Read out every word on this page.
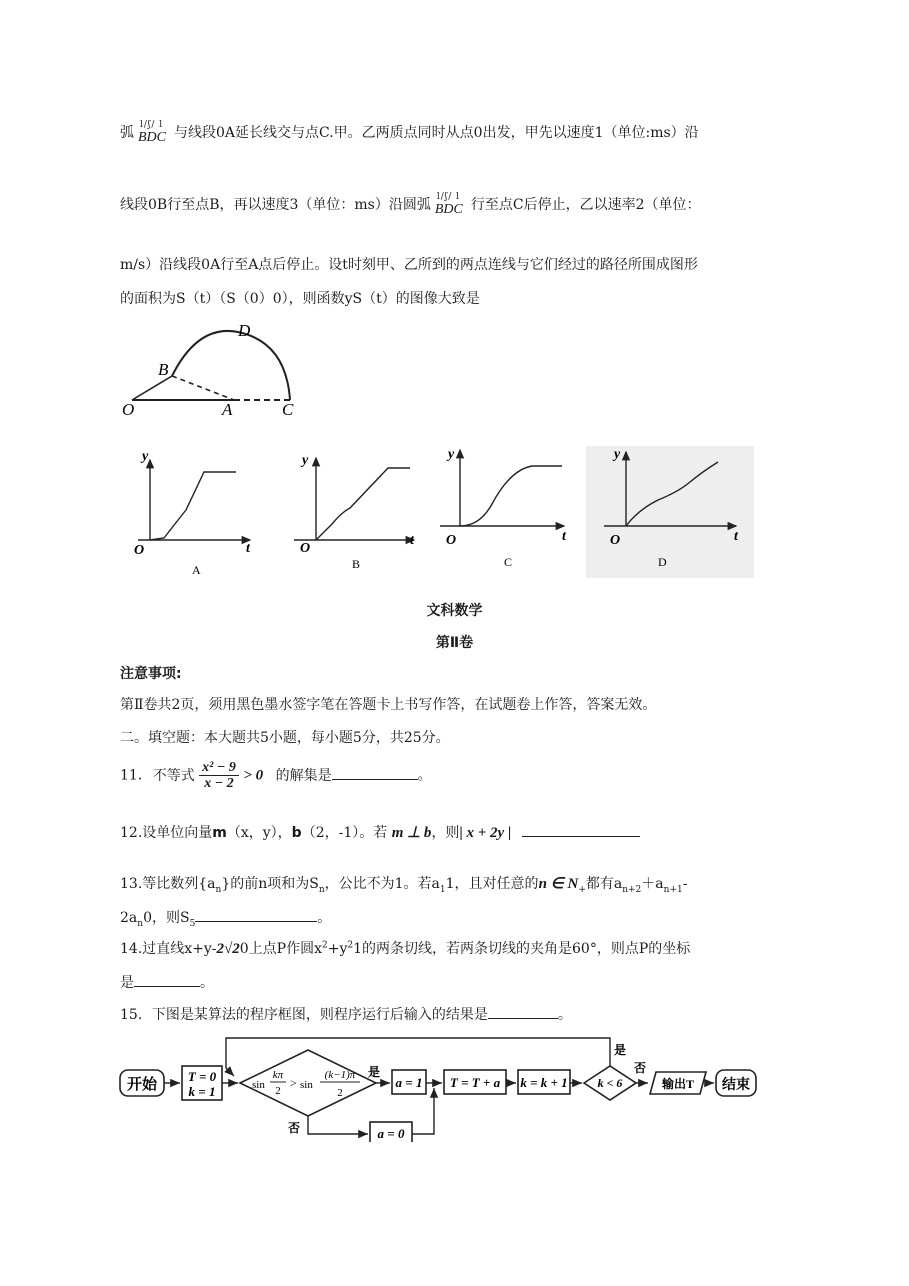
弧 l/ʃ/ l
BDC 与线段0A延长线交与点C.甲。乙两质点同时从点0出发，甲先以速度1（单位:ms）沿
线段0B行至点B，再以速度3（单位：ms）沿圆弧 l/ʃ/ l
BDC 行至点C后停止，乙以速率2（单位：
m/s）沿线段0A行至A点后停止。设t时刻甲、乙所到的两点连线与它们经过的路径所围成图形
的面积为S（t）（S（0）0），则函数yS（t）的图像大致是
O
B
D
A	C
y
t
O
A
y
t
O
B
y
t
O
C
y
t
O
D
文科数学
第Ⅱ卷
注意事项:
第Ⅱ卷共2页，须用黑色墨水签字笔在答题卡上书写作答，在试题卷上作答，答案无效。
二。填空题：本大题共5小题，每小题5分，共25分。
11. 不等式 $\frac{\text{x² − 9}}{x - 2} > 0$ 的解集是	。
12.设单位向量m（x，y），b（2，-1）。若 m ⊥ b，则| x + 2y |
13.等比数列$\{a_n\}$的前n项和为$S_n$，公比不为1。若$a_11$，且对任意的n ∈ $N_+$都有$a_{n+2}+a_{n+1}-$
$2a_n0$，则$S_5$	。
14.过直线x+y-2√20上点P作圆$x^2+y^21$的两条切线，若两条切线的夹角是60°，则点P的坐标
是	。
15．下图是某算法的程序框图，则程序运行后输入的结果是	。
开始
T = 0
k = 1	sin
kπ
2
> sin
(k−1)π
2
是
a = 1
否	a = 0
T = T + a k = k + 1 k < 6
是
否
输出T 结束
